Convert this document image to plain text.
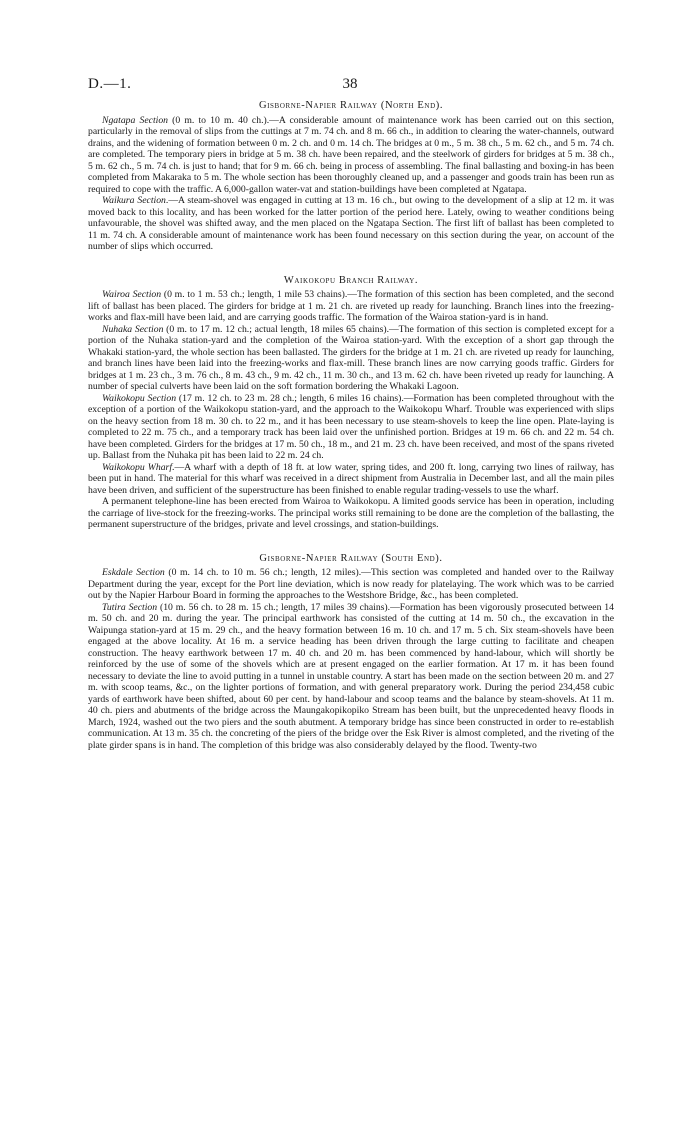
D.—1.	38
Gisborne-Napier Railway (North End).

Ngatapa Section (0 m. to 10 m. 40 ch.).—A considerable amount of maintenance work has been carried out on this section, particularly in the removal of slips from the cuttings at 7 m. 74 ch. and 8 m. 66 ch., in addition to clearing the water-channels, outward drains, and the widening of formation between 0 m. 2 ch. and 0 m. 14 ch. The bridges at 0 m., 5 m. 38 ch., 5 m. 62 ch., and 5 m. 74 ch. are completed. The temporary piers in bridge at 5 m. 38 ch. have been repaired, and the steelwork of girders for bridges at 5 m. 38 ch., 5 m. 62 ch., 5 m. 74 ch. is just to hand; that for 9 m. 66 ch. being in process of assembling. The final ballasting and boxing-in has been completed from Makaraka to 5 m. The whole section has been thoroughly cleaned up, and a passenger and goods train has been run as required to cope with the traffic. A 6,000-gallon water-vat and station-buildings have been completed at Ngatapa.

Waikura Section.—A steam-shovel was engaged in cutting at 13 m. 16 ch., but owing to the development of a slip at 12 m. it was moved back to this locality, and has been worked for the latter portion of the period here. Lately, owing to weather conditions being unfavourable, the shovel was shifted away, and the men placed on the Ngatapa Section. The first lift of ballast has been completed to 11 m. 74 ch. A considerable amount of maintenance work has been found necessary on this section during the year, on account of the number of slips which occurred.

Waikokopu Branch Railway.

Wairoa Section (0 m. to 1 m. 53 ch.; length, 1 mile 53 chains).—The formation of this section has been completed, and the second lift of ballast has been placed. The girders for bridge at 1 m. 21 ch. are riveted up ready for launching. Branch lines into the freezing-works and flax-mill have been laid, and are carrying goods traffic. The formation of the Wairoa station-yard is in hand.

Nuhaka Section (0 m. to 17 m. 12 ch.; actual length, 18 miles 65 chains).—The formation of this section is completed except for a portion of the Nuhaka station-yard and the completion of the Wairoa station-yard. With the exception of a short gap through the Whakaki station-yard, the whole section has been ballasted. The girders for the bridge at 1 m. 21 ch. are riveted up ready for launching, and branch lines have been laid into the freezing-works and flax-mill. These branch lines are now carrying goods traffic. Girders for bridges at 1 m. 23 ch., 3 m. 76 ch., 8 m. 43 ch., 9 m. 42 ch., 11 m. 30 ch., and 13 m. 62 ch. have been riveted up ready for launching. A number of special culverts have been laid on the soft formation bordering the Whakaki Lagoon.

Waikokopu Section (17 m. 12 ch. to 23 m. 28 ch.; length, 6 miles 16 chains).—Formation has been completed throughout with the exception of a portion of the Waikokopu station-yard, and the approach to the Waikokopu Wharf. Trouble was experienced with slips on the heavy section from 18 m. 30 ch. to 22 m., and it has been necessary to use steam-shovels to keep the line open. Plate-laying is completed to 22 m. 75 ch., and a temporary track has been laid over the unfinished portion. Bridges at 19 m. 66 ch. and 22 m. 54 ch. have been completed. Girders for the bridges at 17 m. 50 ch., 18 m., and 21 m. 23 ch. have been received, and most of the spans riveted up. Ballast from the Nuhaka pit has been laid to 22 m. 24 ch.

Waikokopu Wharf.—A wharf with a depth of 18 ft. at low water, spring tides, and 200 ft. long, carrying two lines of railway, has been put in hand. The material for this wharf was received in a direct shipment from Australia in December last, and all the main piles have been driven, and sufficient of the superstructure has been finished to enable regular trading-vessels to use the wharf.

A permanent telephone-line has been erected from Wairoa to Waikokopu. A limited goods service has been in operation, including the carriage of live-stock for the freezing-works. The principal works still remaining to be done are the completion of the ballasting, the permanent superstructure of the bridges, private and level crossings, and station-buildings.

Gisborne-Napier Railway (South End).

Eskdale Section (0 m. 14 ch. to 10 m. 56 ch.; length, 12 miles).—This section was completed and handed over to the Railway Department during the year, except for the Port line deviation, which is now ready for platelaying. The work which was to be carried out by the Napier Harbour Board in forming the approaches to the Westshore Bridge, &c., has been completed.

Tutira Section (10 m. 56 ch. to 28 m. 15 ch.; length, 17 miles 39 chains).—Formation has been vigorously prosecuted between 14 m. 50 ch. and 20 m. during the year. The principal earthwork has consisted of the cutting at 14 m. 50 ch., the excavation in the Waipunga station-yard at 15 m. 29 ch., and the heavy formation between 16 m. 10 ch. and 17 m. 5 ch. Six steam-shovels have been engaged at the above locality. At 16 m. a service heading has been driven through the large cutting to facilitate and cheapen construction. The heavy earthwork between 17 m. 40 ch. and 20 m. has been commenced by hand-labour, which will shortly be reinforced by the use of some of the shovels which are at present engaged on the earlier formation. At 17 m. it has been found necessary to deviate the line to avoid putting in a tunnel in unstable country. A start has been made on the section between 20 m. and 27 m. with scoop teams, &c., on the lighter portions of formation, and with general preparatory work. During the period 234,458 cubic yards of earthwork have been shifted, about 60 per cent. by hand-labour and scoop teams and the balance by steam-shovels. At 11 m. 40 ch. piers and abutments of the bridge across the Maungakopikopiko Stream has been built, but the unprecedented heavy floods in March, 1924, washed out the two piers and the south abutment. A temporary bridge has since been constructed in order to re-establish communication. At 13 m. 35 ch. the concreting of the piers of the bridge over the Esk River is almost completed, and the riveting of the plate girder spans is in hand. The completion of this bridge was also considerably delayed by the flood. Twenty-two
